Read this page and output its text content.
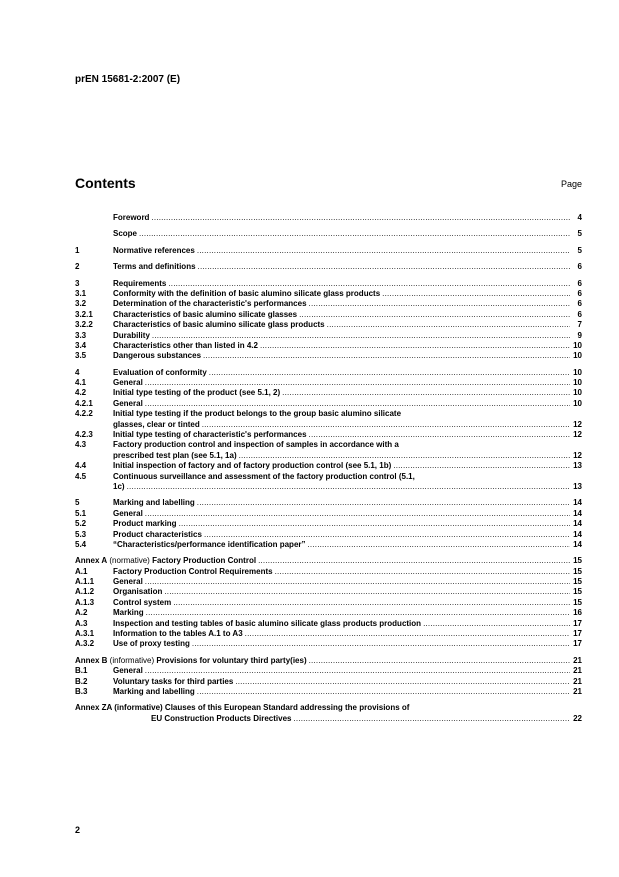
prEN 15681-2:2007 (E)
Contents	Page
Foreword .....	4
Scope .....	5
1	Normative references .....	5
2	Terms and definitions .....	6
3	Requirements .....	6
3.1	Conformity with the definition of basic alumino silicate glass products .....	6
3.2	Determination of the characteristic's performances .....	6
3.2.1	Characteristics of basic alumino silicate glasses .....	6
3.2.2	Characteristics of basic alumino silicate glass products .....	7
3.3	Durability .....	9
3.4	Characteristics other than listed in 4.2 .....	10
3.5	Dangerous substances .....	10
4	Evaluation of conformity .....	10
4.1	General .....	10
4.2	Initial type testing of the product (see 5.1, 2) .....	10
4.2.1	General .....	10
4.2.2	Initial type testing if the product belongs to the group basic alumino silicate
glasses, clear or tinted .....	12
4.2.3	Initial type testing of characteristic's performances .....	12
4.3	Factory production control and inspection of samples in accordance with a
prescribed test plan (see 5.1, 1a) .....	12
4.4	Initial inspection of factory and of factory production control (see 5.1, 1b) .....	13
4.5	Continuous surveillance and assessment of the factory production control (5.1,
1c) .....	13
5	Marking and labelling .....	14
5.1	General .....	14
5.2	Product marking .....	14
5.3	Product characteristics .....	14
5.4	“Characteristics/performance identification paper” .....	14
Annex A (normative) Factory Production Control .....	15
A.1	Factory Production Control Requirements .....	15
A.1.1	General .....	15
A.1.2	Organisation .....	15
A.1.3	Control system .....	15
A.2	Marking .....	16
A.3	Inspection and testing tables of basic alumino silicate glass products production .....	17
A.3.1	Information to the tables A.1 to A3 .....	17
A.3.2	Use of proxy testing .....	17
Annex B (informative) Provisions for voluntary third party(ies) .....	21
B.1	General .....	21
B.2	Voluntary tasks for third parties .....	21
B.3	Marking and labelling .....	21
Annex ZA (informative) Clauses of this European Standard addressing the provisions of
EU Construction Products Directives .....	22
2
